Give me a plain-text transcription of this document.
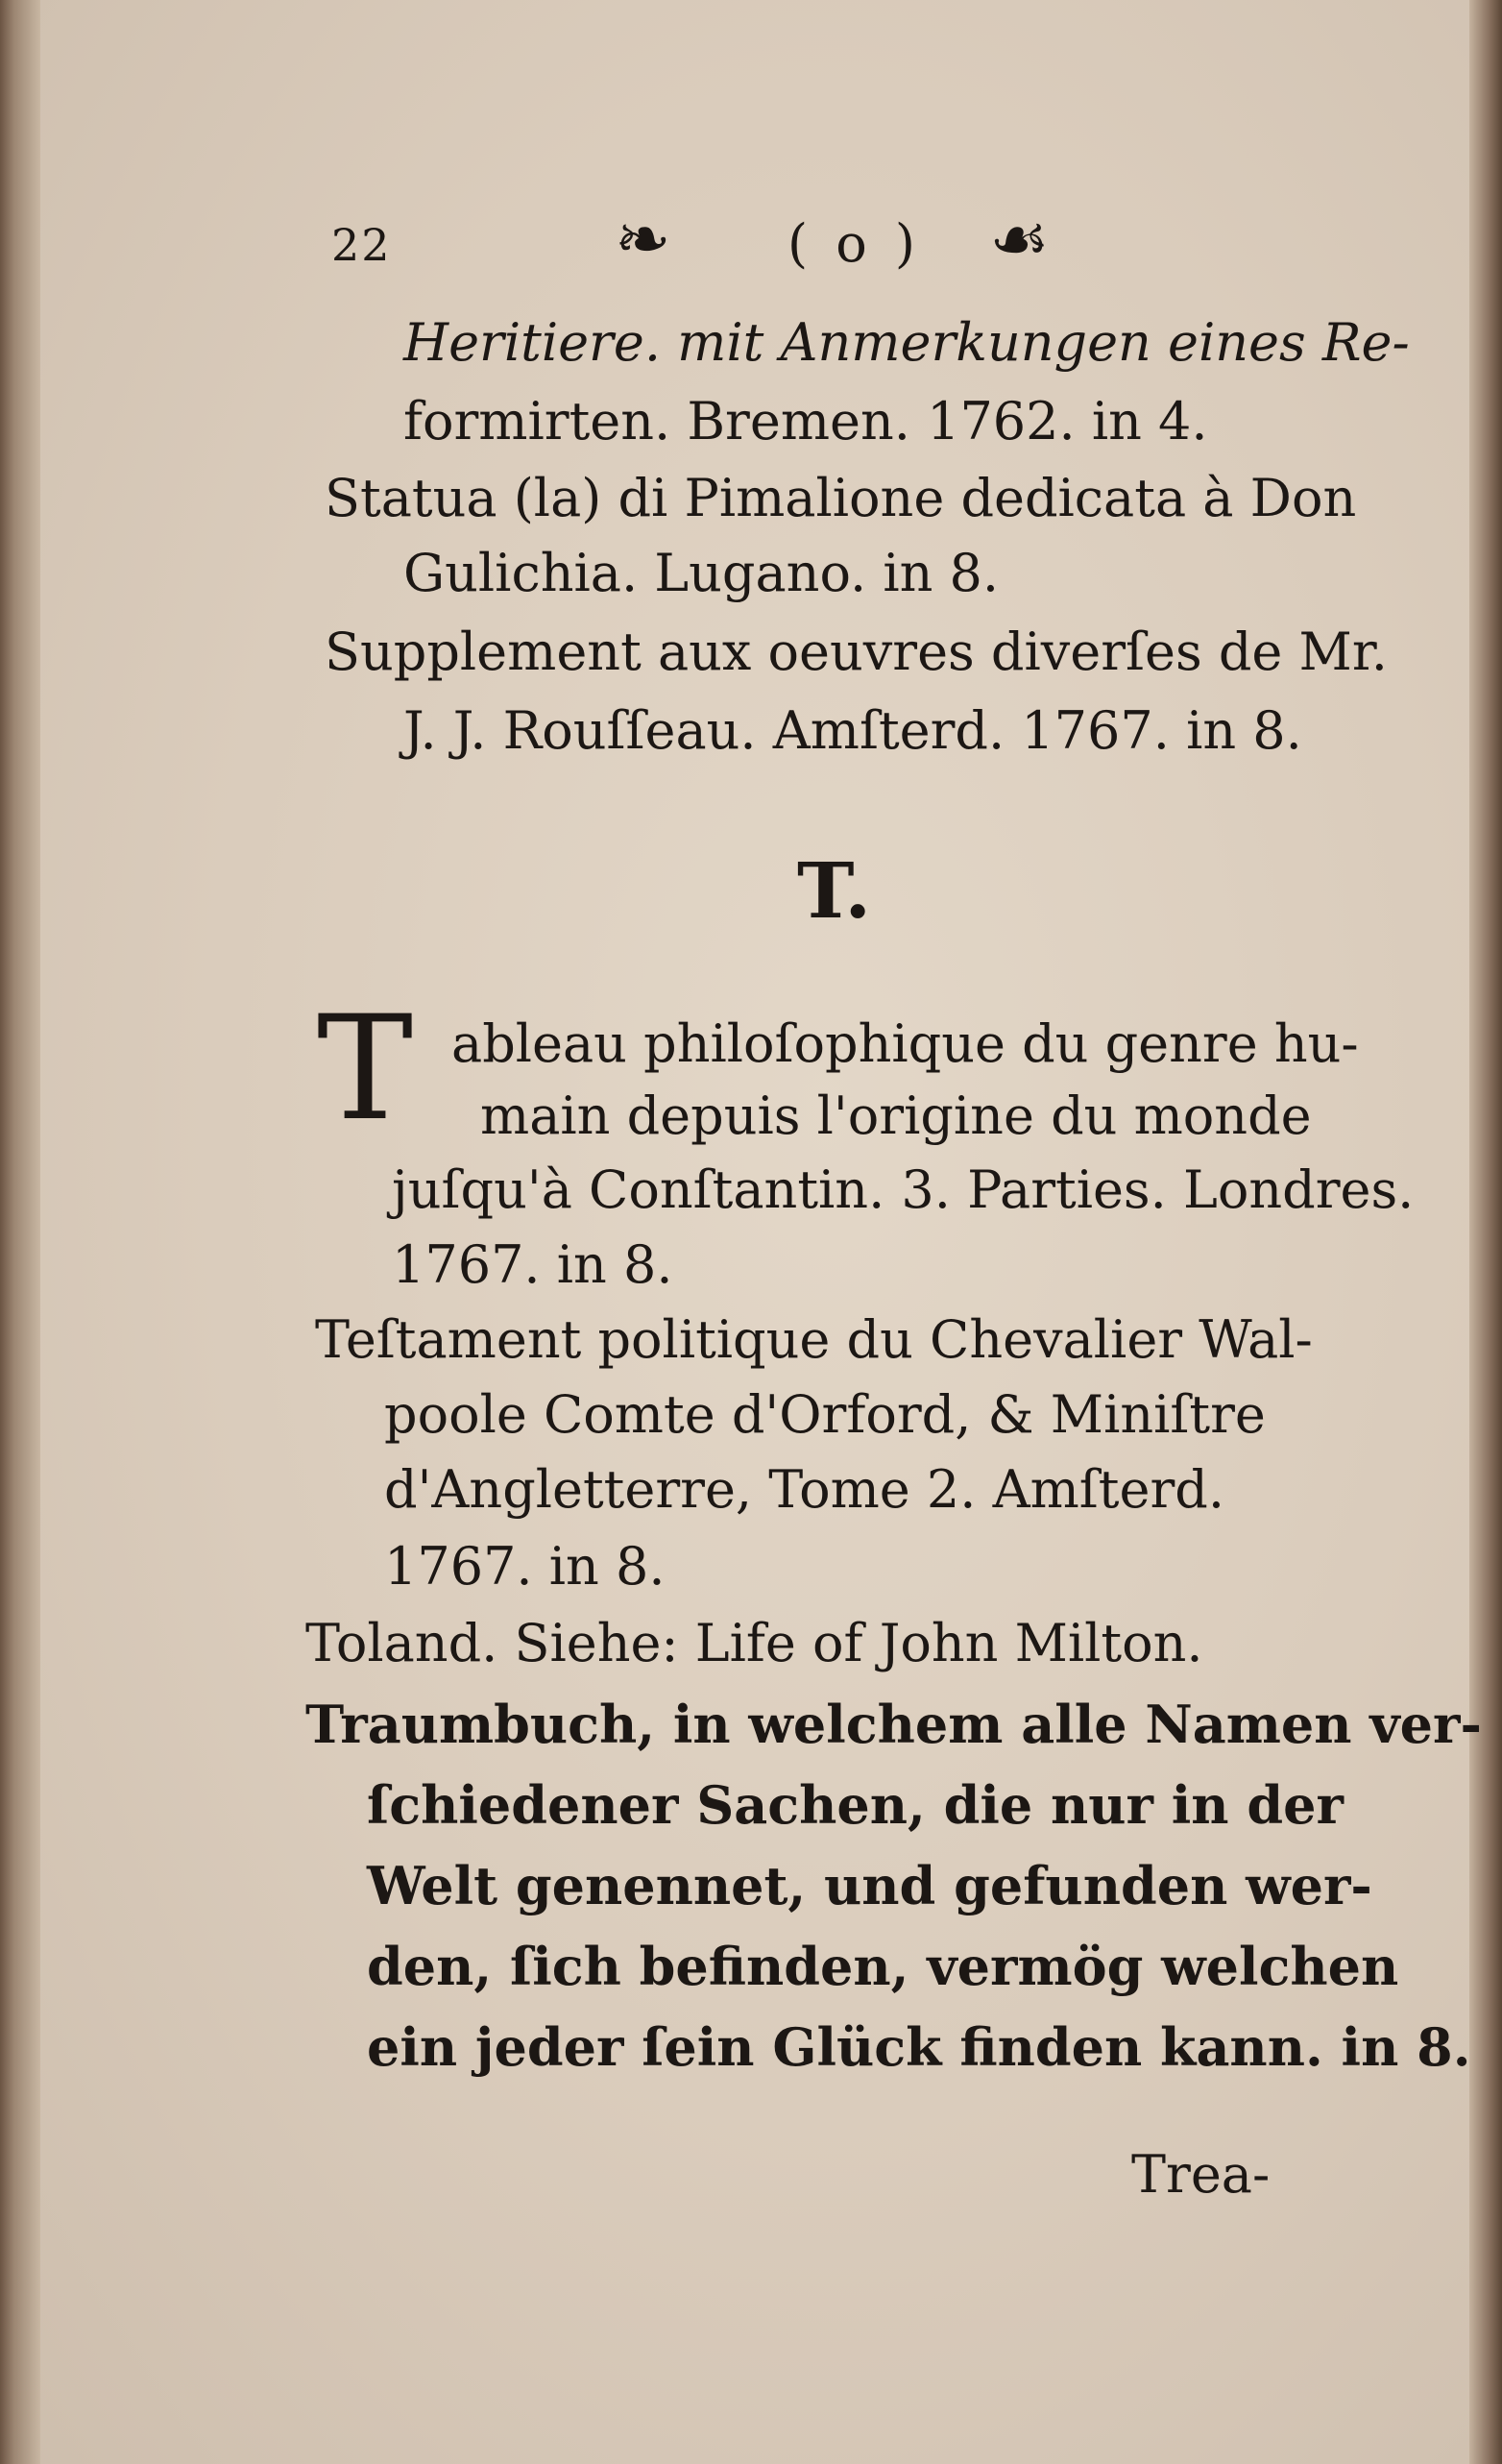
22	❧ ( o ) ☙
Heritiere. mit Anmerkungen eines Re-
formirten. Bremen. 1762. in 4.
Statua (la) di Pimalione dedicata à Don
Gulichia. Lugano. in 8.
Supplement aux oeuvres diverſes de Mr.
J. J. Rouſſeau. Amſterd. 1767. in 8.
T.
T ableau philoſophique du genre hu-
main depuis l'origine du monde
juſqu'à Conſtantin. 3. Parties. Londres.
1767. in 8.
Teſtament politique du Chevalier Wal-
poole Comte d'Orford, & Miniſtre
d'Angletterre, Tome 2. Amſterd.
1767. in 8.
Toland. Siehe: Life of John Milton.
Traumbuch, in welchem alle Namen ver-
ſchiedener Sachen, die nur in der
Welt genennet, und gefunden wer-
den, ſich befinden, vermög welchen
ein jeder ſein Glück finden kann. in 8.
Trea-
